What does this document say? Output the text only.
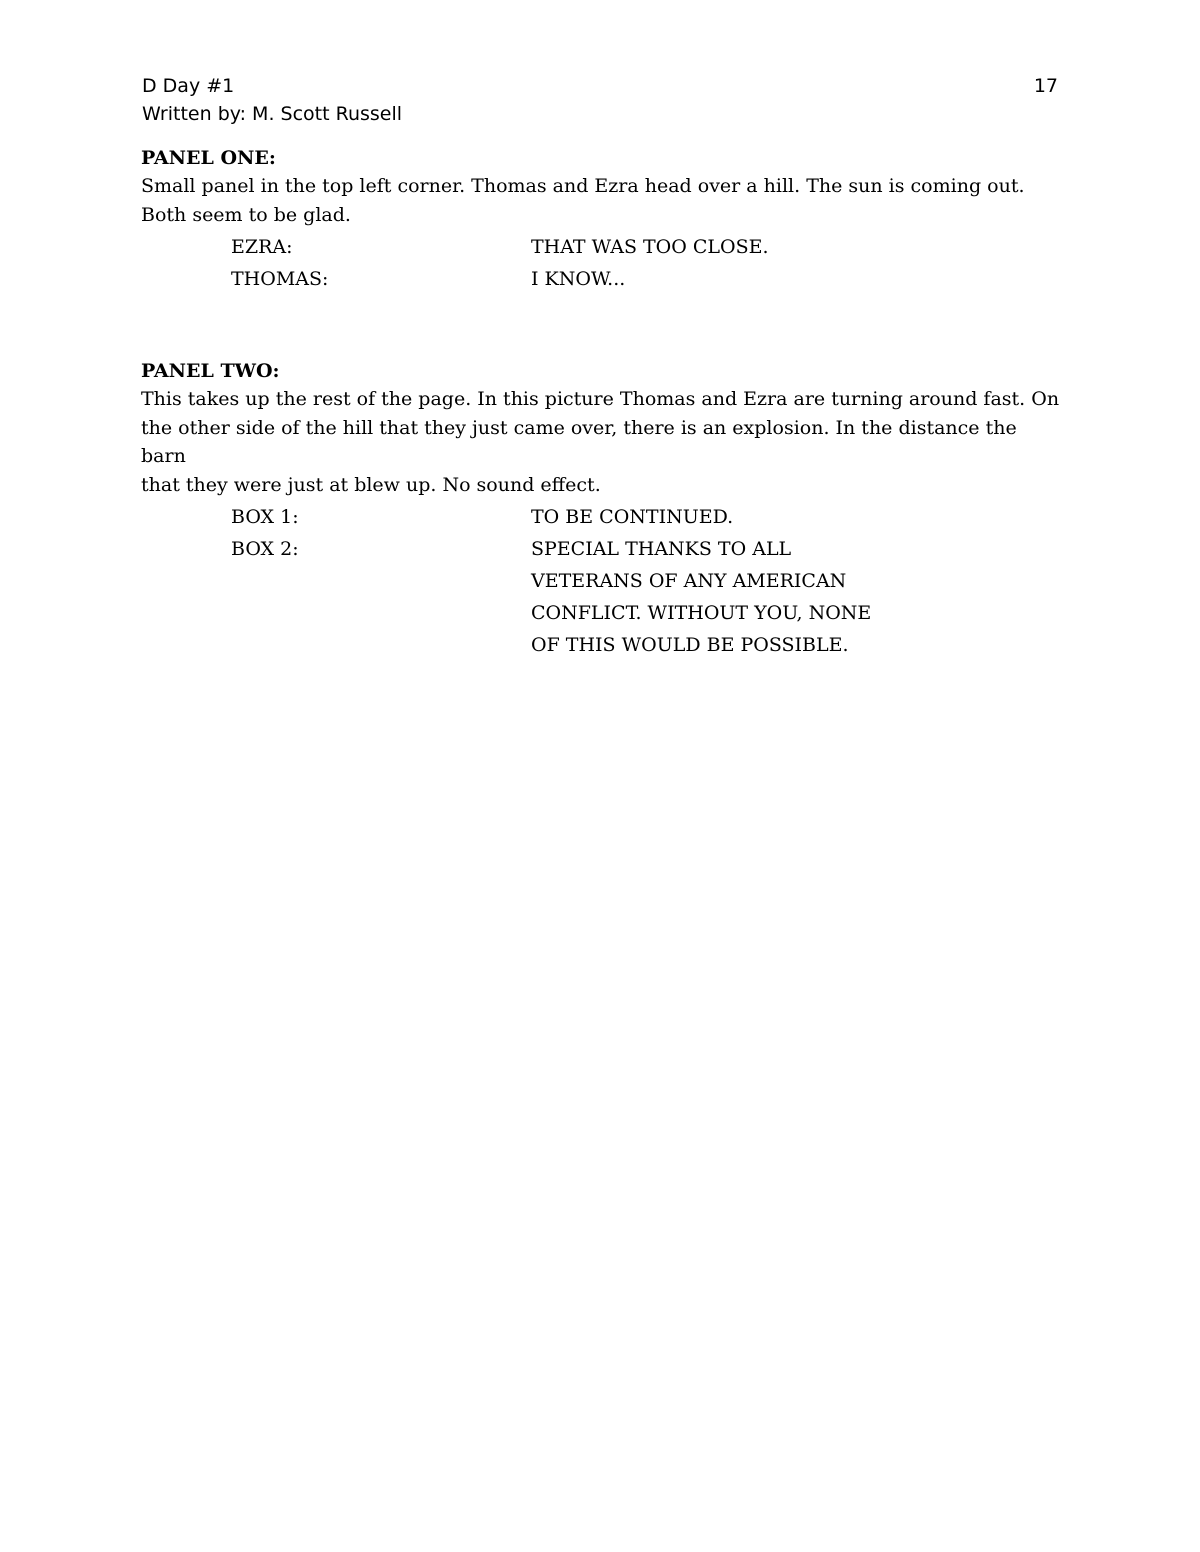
D Day #1
Written by: M. Scott Russell
17
PANEL ONE:

Small panel in the top left corner. Thomas and Ezra head over a hill. The sun is coming out.
Both seem to be glad.

EZRA:	THAT WAS TOO CLOSE.
THOMAS:	I KNOW...
PANEL TWO:

This takes up the rest of the page. In this picture Thomas and Ezra are turning around fast. On
the other side of the hill that they just came over, there is an explosion. In the distance the barn
that they were just at blew up. No sound effect.

BOX 1:	TO BE CONTINUED.
BOX 2:	SPECIAL THANKS TO ALL
VETERANS OF ANY AMERICAN
CONFLICT. WITHOUT YOU, NONE
OF THIS WOULD BE POSSIBLE.
